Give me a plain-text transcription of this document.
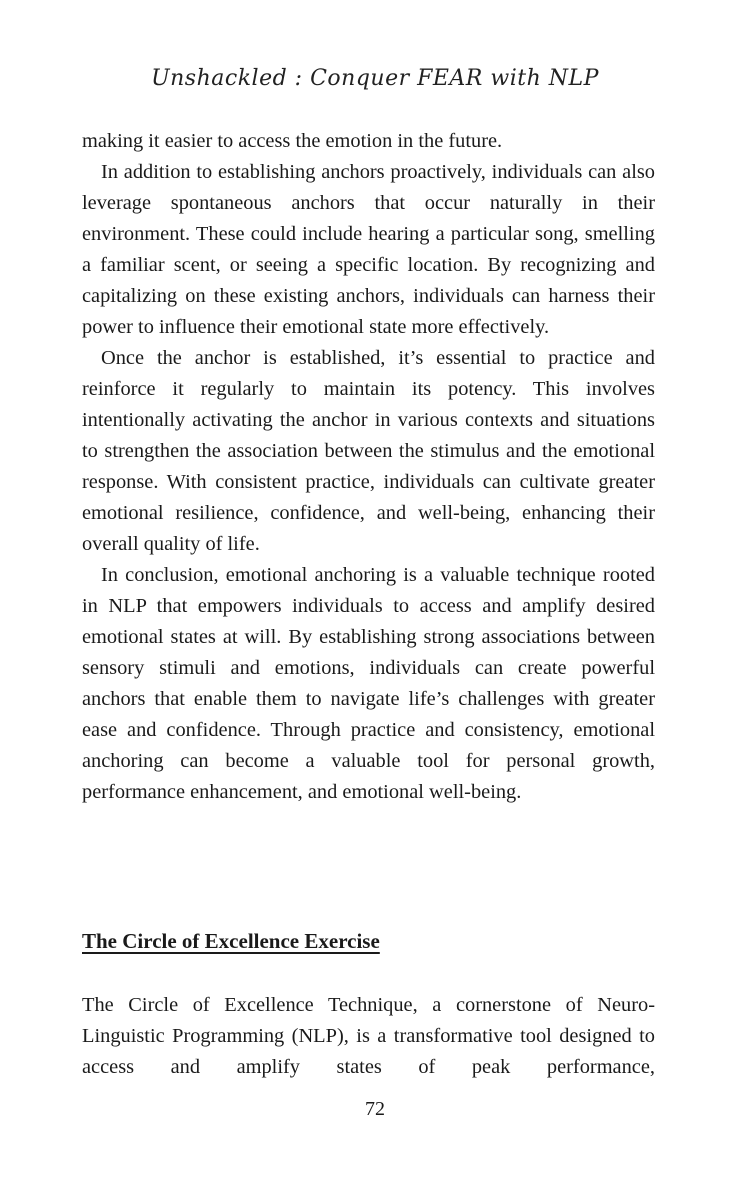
Unshackled : Conquer FEAR with NLP

making it easier to access the emotion in the future.

In addition to establishing anchors proactively, individuals can also leverage spontaneous anchors that occur naturally in their environment. These could include hearing a particular song, smelling a familiar scent, or seeing a specific location. By recognizing and capitalizing on these existing anchors, individuals can harness their power to influence their emotional state more effectively.

Once the anchor is established, it’s essential to practice and reinforce it regularly to maintain its potency. This involves intentionally activating the anchor in various contexts and situations to strengthen the association between the stimulus and the emotional response. With consistent practice, individuals can cultivate greater emotional resilience, confidence, and well-being, enhancing their overall quality of life.

In conclusion, emotional anchoring is a valuable technique rooted in NLP that empowers individuals to access and amplify desired emotional states at will. By establishing strong associations between sensory stimuli and emotions, individuals can create powerful anchors that enable them to navigate life’s challenges with greater ease and confidence. Through practice and consistency, emotional anchoring can become a valuable tool for personal growth, performance enhancement, and emotional well-being.

The Circle of Excellence Exercise

The Circle of Excellence Technique, a cornerstone of Neuro-Linguistic Programming (NLP), is a transformative tool designed to access and amplify states of peak performance,

72
